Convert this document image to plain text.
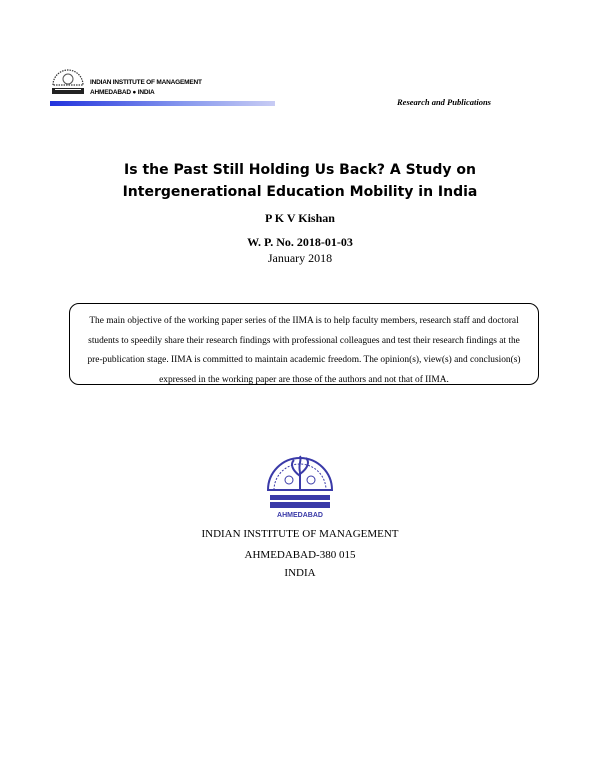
INDIAN INSTITUTE OF MANAGEMENT
AHMEDABAD ● INDIA
Research and Publications
Is the Past Still Holding Us Back? A Study on
Intergenerational Education Mobility in India
P K V Kishan
W. P. No. 2018-01-03
January 2018
The main objective of the working paper series of the IIMA is to help faculty members, research staff and doctoral
students to speedily share their research findings with professional colleagues and test their research findings at the
pre-publication stage. IIMA is committed to maintain academic freedom. The opinion(s), view(s) and conclusion(s)
expressed in the working paper are those of the authors and not that of IIMA.
AHMEDABAD
INDIAN INSTITUTE OF MANAGEMENT
AHMEDABAD-380 015
INDIA
